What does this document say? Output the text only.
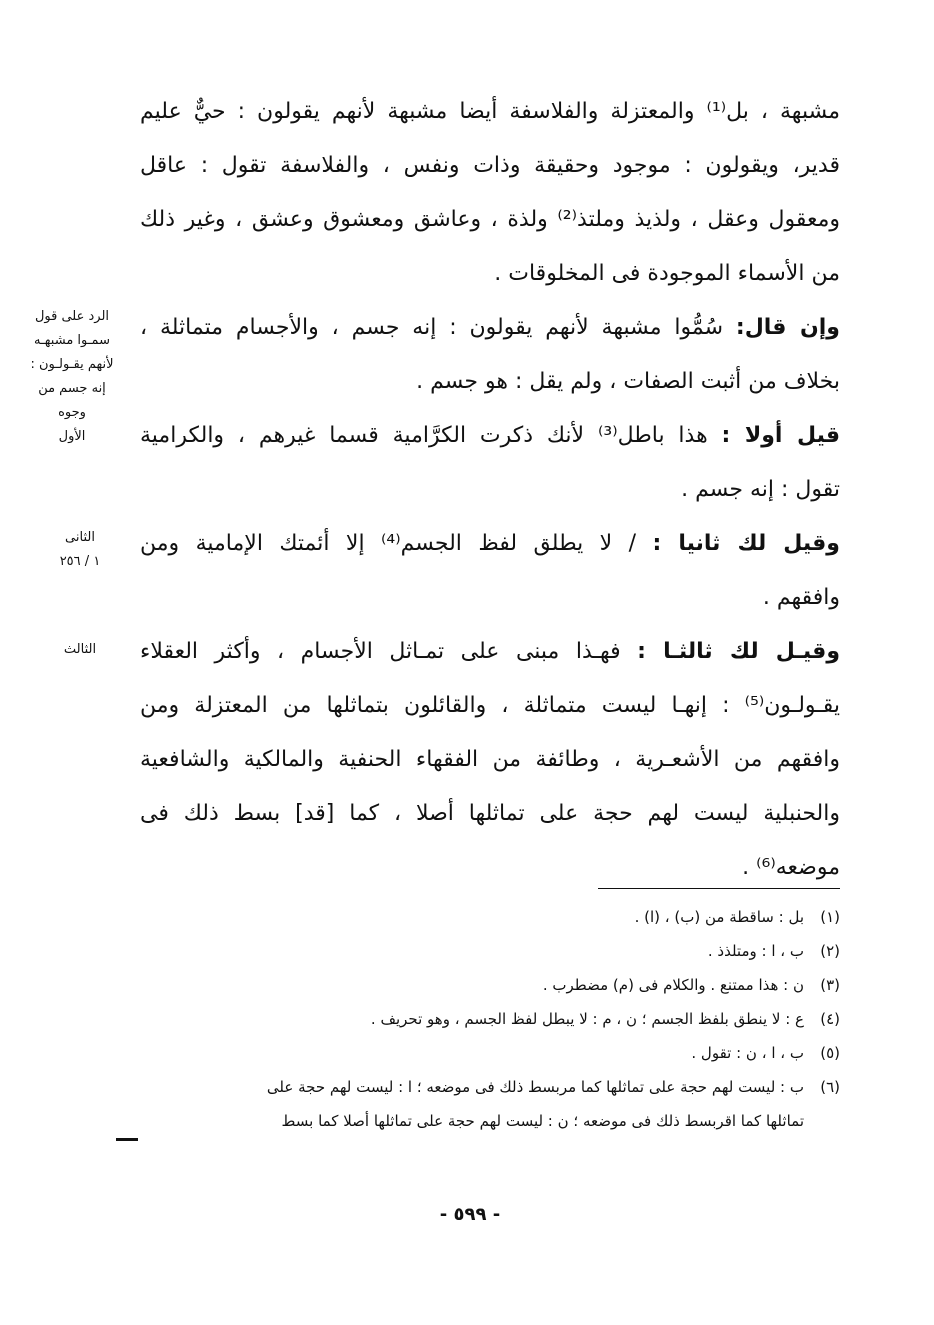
مشبهة ، بل⁽¹⁾ والمعتزلة والفلاسفة أيضا مشبهة لأنهم يقولون : حيٌّ عليم
قدير، ويقولون : موجود وحقيقة وذات ونفس ، والفلاسفة تقول : عاقل
ومعقول وعقل ، ولذيذ وملتذ⁽²⁾ ولذة ، وعاشق ومعشوق وعشق ، وغير ذلك
من الأسماء الموجودة فى المخلوقات .
وإن قال: سُمُّوا مشبهة لأنهم يقولون : إنه جسم ، والأجسام متماثلة ،
بخلاف من أثبت الصفات ، ولم يقل : هو جسم .
قيل أولا : هذا باطل⁽³⁾ لأنك ذكرت الكرَّامية قسما غيرهم ، والكرامية
تقول : إنه جسم .
وقيل لك ثانيا : / لا يطلق لفظ الجسم⁽⁴⁾ إلا أئمتك الإمامية ومن
وافقهم .
وقيـل لك ثالثـا : فهـذا مبنى على تمـاثل الأجسام ، وأكثر العقلاء
يقـولـون⁽⁵⁾ : إنهـا ليست متماثلة ، والقائلون بتماثلها من المعتزلة ومن
وافقهم من الأشعـرية ، وطائفة من الفقهاء الحنفية والمالكية والشافعية
والحنبلية ليست لهم حجة على تماثلها أصلا ، كما [قد] بسط ذلك فى
موضعه⁽⁶⁾ .
الرد على قول
سمـوا مشبهـه
لأنهم يقـولـون :
إنه جسم من
وجوه
الأول
الثانى
١ / ٢٥٦
الثالث
(١)بل : ساقطة من (ب) ، (ا) .
(٢)ب ، ا : ومتلذذ .
(٣)ن : هذا ممتنع . والكلام فى (م) مضطرب .
(٤)ع : لا ينطق بلفظ الجسم ؛ ن ، م : لا يبطل لفظ الجسم ، وهو تحريف .
(٥)ب ، ا ، ن : تقول .
(٦)ب : ليست لهم حجة على تماثلها كما مربسط ذلك فى موضعه ؛ ا : ليست لهم حجة على
تماثلها كما اقربسط ذلك فى موضعه ؛ ن : ليست لهم حجة على تماثلها أصلا كما بسط
- ٥٩٩ -
